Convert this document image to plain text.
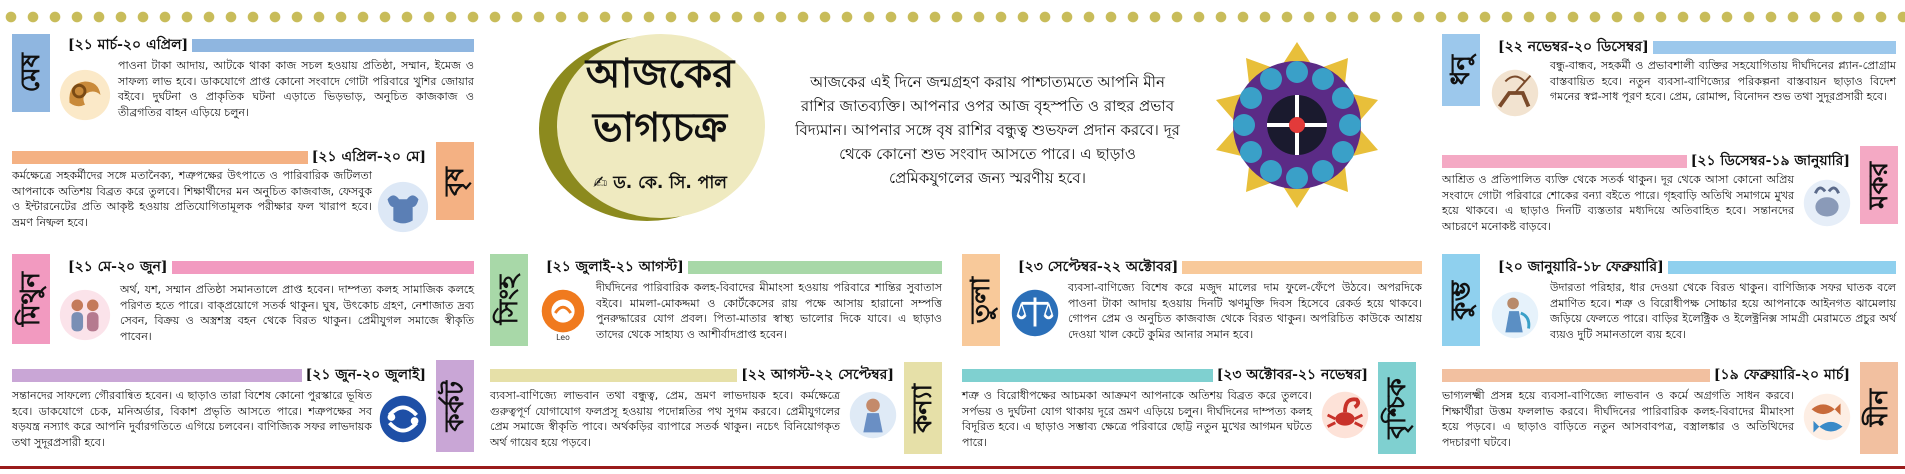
মেষ
[২১ মার্চ-২০ এপ্রিল]
পাওনা টাকা আদায়, আটকে থাকা কাজ সচল হওয়ায় প্রতিষ্ঠা, সম্মান, ইমেজ ও সাফল্য লাভ হবে। ডাকযোগে প্রাপ্ত কোনো সংবাদে গোটা পরিবারে খুশির জোয়ার বইবে। দুর্ঘটনা ও প্রাকৃতিক ঘটনা এড়াতে ভিড়ভাড়, অনুচিত কাজকাজ ও তীব্রগতির বাহন এড়িয়ে চলুন।
বৃষ
[২১ এপ্রিল-২০ মে]
কর্মক্ষেত্রে সহকর্মীদের সঙ্গে মতানৈক্য, শত্রুপক্ষের উৎপাতে ও পারিবারিক জটিলতা আপনাকে অতিশয় বিব্রত করে তুলবে। শিক্ষার্থীদের মন অনুচিত কাজবাজ, ফেসবুক ও ইন্টারনেটের প্রতি আকৃষ্ট হওয়ায় প্রতিযোগিতামূলক পরীক্ষার ফল খারাপ হবে। ভ্রমণ নিষ্ফল হবে।
মিথুন
[২১ মে-২০ জুন]
অর্থ, যশ, সম্মান প্রতিষ্ঠা সমানতালে প্রাপ্ত হবেন। দাম্পত্য কলহ সামাজিক কলহে পরিণত হতে পারে। বাক্প্রয়োগে সতর্ক থাকুন। ঘুষ, উৎকোচ গ্রহণ, নেশাজাত দ্রব্য সেবন, বিক্রয় ও অস্ত্রশস্ত্র বহন থেকে বিরত থাকুন। প্রেমীযুগল সমাজে স্বীকৃতি পাবেন।
কর্কট
[২১ জুন-২০ জুলাই]
সন্তানদের সাফল্যে গৌরবান্বিত হবেন। এ ছাড়াও তারা বিশেষ কোনো পুরস্কারে ভূষিত হবে। ডাকযোগে চেক, মনিঅর্ডার, বিকাশ প্রভৃতি আসতে পারে। শত্রুপক্ষের সব ষড়যন্ত্র নস্যাৎ করে আপনি দুর্বারগতিতে এগিয়ে চলবেন। বাণিজ্যিক সফর লাভদায়ক তথা সুদূরপ্রসারী হবে।
আজকের
ভাগ্যচক্র
✍ ড. কে. সি. পাল
আজকের এই দিনে জন্মগ্রহণ করায় পাশ্চাত্যমতে আপনি মীন রাশির জাতব্যক্তি। আপনার ওপর আজ বৃহস্পতি ও রাহুর প্রভাব বিদ্যমান। আপনার সঙ্গে বৃষ রাশির বন্ধুত্ব শুভফল প্রদান করবে। দূর থেকে কোনো শুভ সংবাদ আসতে পারে। এ ছাড়াও প্রেমিকযুগলের জন্য স্মরণীয় হবে।
সিংহ
[২১ জুলাই-২১ আগস্ট]
Leo
দীর্ঘদিনের পারিবারিক কলহ-বিবাদের মীমাংসা হওয়ায় পরিবারে শান্তির সুবাতাস বইবে। মামলা-মোকদ্দমা ও কোর্টকেসের রায় পক্ষে আসায় হারানো সম্পত্তি পুনরুদ্ধারের যোগ প্রবল। পিতা-মাতার স্বাস্থ্য ভালোর দিকে যাবে। এ ছাড়াও তাদের থেকে সাহায্য ও আশীর্বাদপ্রাপ্ত হবেন।
কন্যা
[২২ আগস্ট-২২ সেপ্টেম্বর]
ব্যবসা-বাণিজ্যে লাভবান তথা বন্ধুত্ব, প্রেম, ভ্রমণ লাভদায়ক হবে। কর্মক্ষেত্রে গুরুত্বপূর্ণ যোগাযোগ ফলপ্রসূ হওয়ায় পদোন্নতির পথ সুগম করবে। প্রেমীযুগলের প্রেম সমাজে স্বীকৃতি পাবে। অর্থকড়ির ব্যাপারে সতর্ক থাকুন। নচেৎ বিনিয়োগকৃত অর্থ গায়েব হয়ে পড়বে।
তুলা
[২৩ সেপ্টেম্বর-২২ অক্টোবর]
ব্যবসা-বাণিজ্যে বিশেষ করে মজুদ মালের দাম ফুলে-ফেঁপে উঠবে। অপরদিকে পাওনা টাকা আদায় হওয়ায় দিনটি ঋণমুক্তি দিবস হিসেবে রেকর্ড হয়ে থাকবে। গোপন প্রেম ও অনুচিত কাজবাজ থেকে বিরত থাকুন। অপরিচিত কাউকে আশ্রয় দেওয়া খাল কেটে কুমির আনার সমান হবে।
বৃশ্চিক
[২৩ অক্টোবর-২১ নভেম্বর]
শত্রু ও বিরোধীপক্ষের আচমকা আক্রমণ আপনাকে অতিশয় বিব্রত করে তুলবে। সর্পভয় ও দুর্ঘটনা যোগ থাকায় দূরে ভ্রমণ এড়িয়ে চলুন। দীর্ঘদিনের দাম্পত্য কলহ বিদূরিত হবে। এ ছাড়াও সম্ভাব্য ক্ষেত্রে পরিবারে ছোট্ট নতুন মুখের আগমন ঘটতে পারে।
ধনু
[২২ নভেম্বর-২০ ডিসেম্বর]
বন্ধু-বান্ধব, সহকর্মী ও প্রভাবশালী ব্যক্তির সহযোগিতায় দীর্ঘদিনের প্ল্যান-প্রোগ্রাম বাস্তবায়িত হবে। নতুন ব্যবসা-বাণিজ্যের পরিকল্পনা বাস্তবায়ন ছাড়াও বিদেশ গমনের স্বপ্ন-সাধ পূরণ হবে। প্রেম, রোমান্স, বিনোদন শুভ তথা সুদূরপ্রসারী হবে।
মকর
[২১ ডিসেম্বর-১৯ জানুয়ারি]
আশ্রিত ও প্রতিপালিত ব্যক্তি থেকে সতর্ক থাকুন। দূর থেকে আসা কোনো অপ্রিয় সংবাদে গোটা পরিবারে শোকের বন্যা বইতে পারে। গৃহবাড়ি অতিথি সমাগমে মুখর হয়ে থাকবে। এ ছাড়াও দিনটি ব্যস্ততার মধ্যদিয়ে অতিবাহিত হবে। সন্তানদের আচরণে মনোকষ্ট বাড়বে।
কুম্ভ
[২০ জানুয়ারি-১৮ ফেব্রুয়ারি]
উদারতা পরিহার, ধার দেওয়া থেকে বিরত থাকুন। বাণিজ্যিক সফর ঘাতক বলে প্রমাণিত হবে। শত্রু ও বিরোধীপক্ষ সোচ্চার হয়ে আপনাকে আইনগত ঝামেলায় জড়িয়ে ফেলতে পারে। বাড়ির ইলেক্ট্রিক ও ইলেক্ট্রনিক্স সামগ্রী মেরামতে প্রচুর অর্থ ব্যয়ও দুটি সমানতালে ব্যয় হবে।
মীন
[১৯ ফেব্রুয়ারি-২০ মার্চ]
ভাগ্যলক্ষ্মী প্রসন্ন হয়ে ব্যবসা-বাণিজ্যে লাভবান ও কর্মে অগ্রগতি সাধন করবে। শিক্ষার্থীরা উত্তম ফললাভ করবে। দীর্ঘদিনের পারিবারিক কলহ-বিবাদের মীমাংসা হয়ে পড়বে। এ ছাড়াও বাড়িতে নতুন আসবাবপত্র, বস্ত্রালঙ্কার ও অতিথিদের পদচারণা ঘটবে।
